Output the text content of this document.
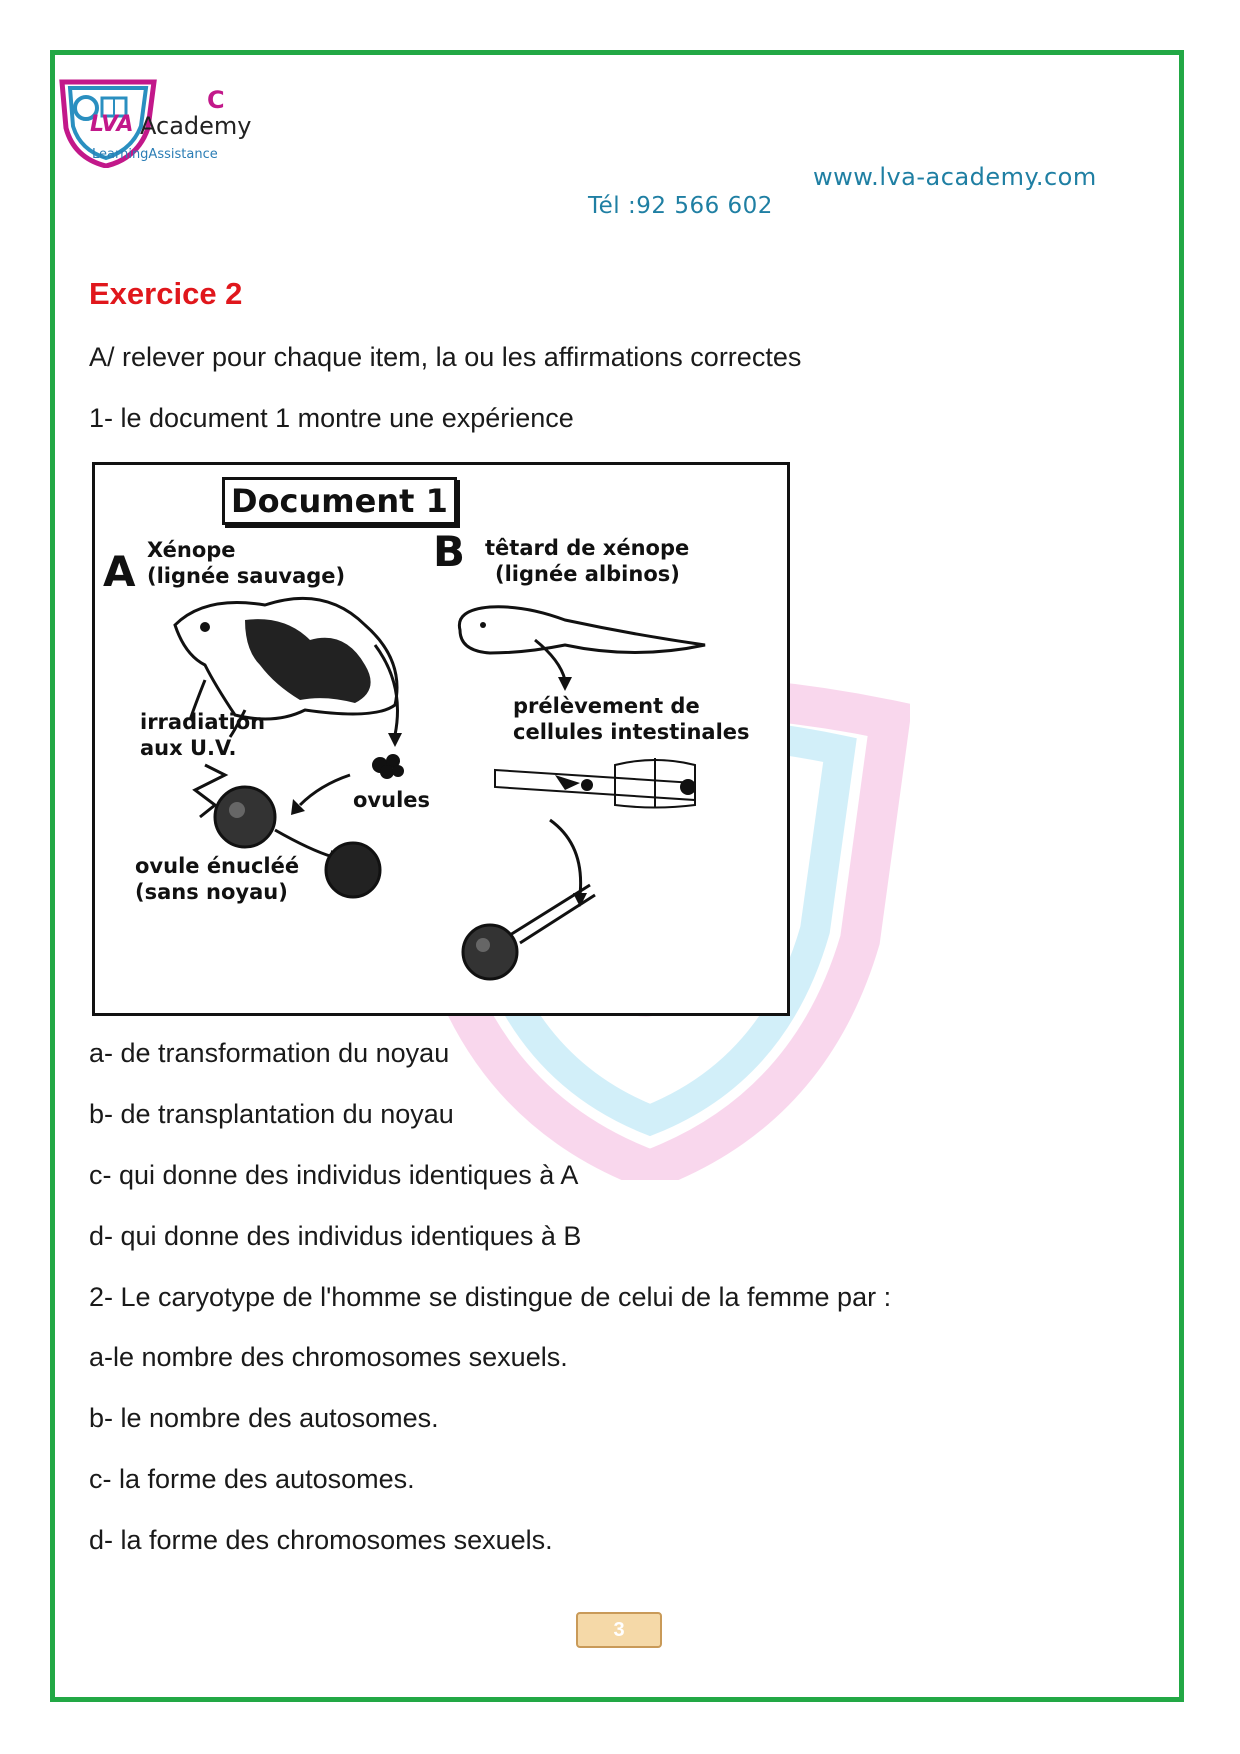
LVA
C
Academy
LearningAssistance
www.lva-academy.com
Tél :92 566 602
Exercice 2
A/ relever pour chaque item, la ou les affirmations correctes
1- le document 1 montre une expérience
Document 1
A	B
Xénope
(lignée sauvage)
têtard de xénope
(lignée albinos)
irradiation
aux U.V.
ovules
ovule énucléé
(sans noyau)
prélèvement de
cellules intestinales
a- de transformation du noyau
b- de transplantation du noyau
c- qui donne des individus identiques à A
d- qui donne des individus identiques à B
2- Le caryotype de l'homme se distingue de celui de la femme par :
a-le nombre des chromosomes sexuels.
b- le nombre des autosomes.
c- la forme des autosomes.
d- la forme des chromosomes sexuels.
3
